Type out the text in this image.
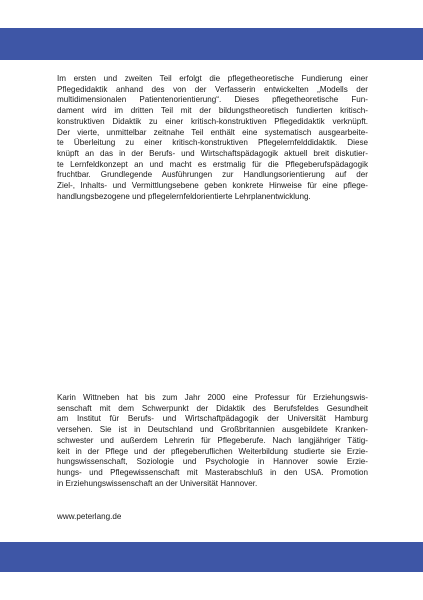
Im ersten und zweiten Teil erfolgt die pflegetheoretische Fundierung einer
Pflegedidaktik anhand des von der Verfasserin entwickelten „Modells der
multidimensionalen Patientenorientierung“. Dieses pflegetheoretische Fun-
dament wird im dritten Teil mit der bildungstheoretisch fundierten kritisch-
konstruktiven Didaktik zu einer kritisch-konstruktiven Pflegedidaktik verknüpft.
Der vierte, unmittelbar zeitnahe Teil enthält eine systematisch ausgearbeite-
te Überleitung zu einer kritisch-konstruktiven Pflegelernfelddidaktik. Diese
knüpft an das in der Berufs- und Wirtschaftspädagogik aktuell breit diskutier-
te Lernfeldkonzept an und macht es erstmalig für die Pflegeberufspädagogik
fruchtbar. Grundlegende Ausführungen zur Handlungsorientierung auf der
Ziel-, Inhalts- und Vermittlungsebene geben konkrete Hinweise für eine pflege-
handlungsbezogene und pflegelernfeldorientierte Lehrplanentwicklung.
Karin Wittneben hat bis zum Jahr 2000 eine Professur für Erziehungswis-
senschaft mit dem Schwerpunkt der Didaktik des Berufsfeldes Gesundheit
am Institut für Berufs- und Wirtschaftpädagogik der Universität Hamburg
versehen. Sie ist in Deutschland und Großbritannien ausgebildete Kranken-
schwester und außerdem Lehrerin für Pflegeberufe. Nach langjähriger Tätig-
keit in der Pflege und der pflegeberuflichen Weiterbildung studierte sie Erzie-
hungswissenschaft, Soziologie und Psychologie in Hannover sowie Erzie-
hungs- und Pflegewissenschaft mit Masterabschluß in den USA. Promotion
in Erziehungswissenschaft an der Universität Hannover.
www.peterlang.de
